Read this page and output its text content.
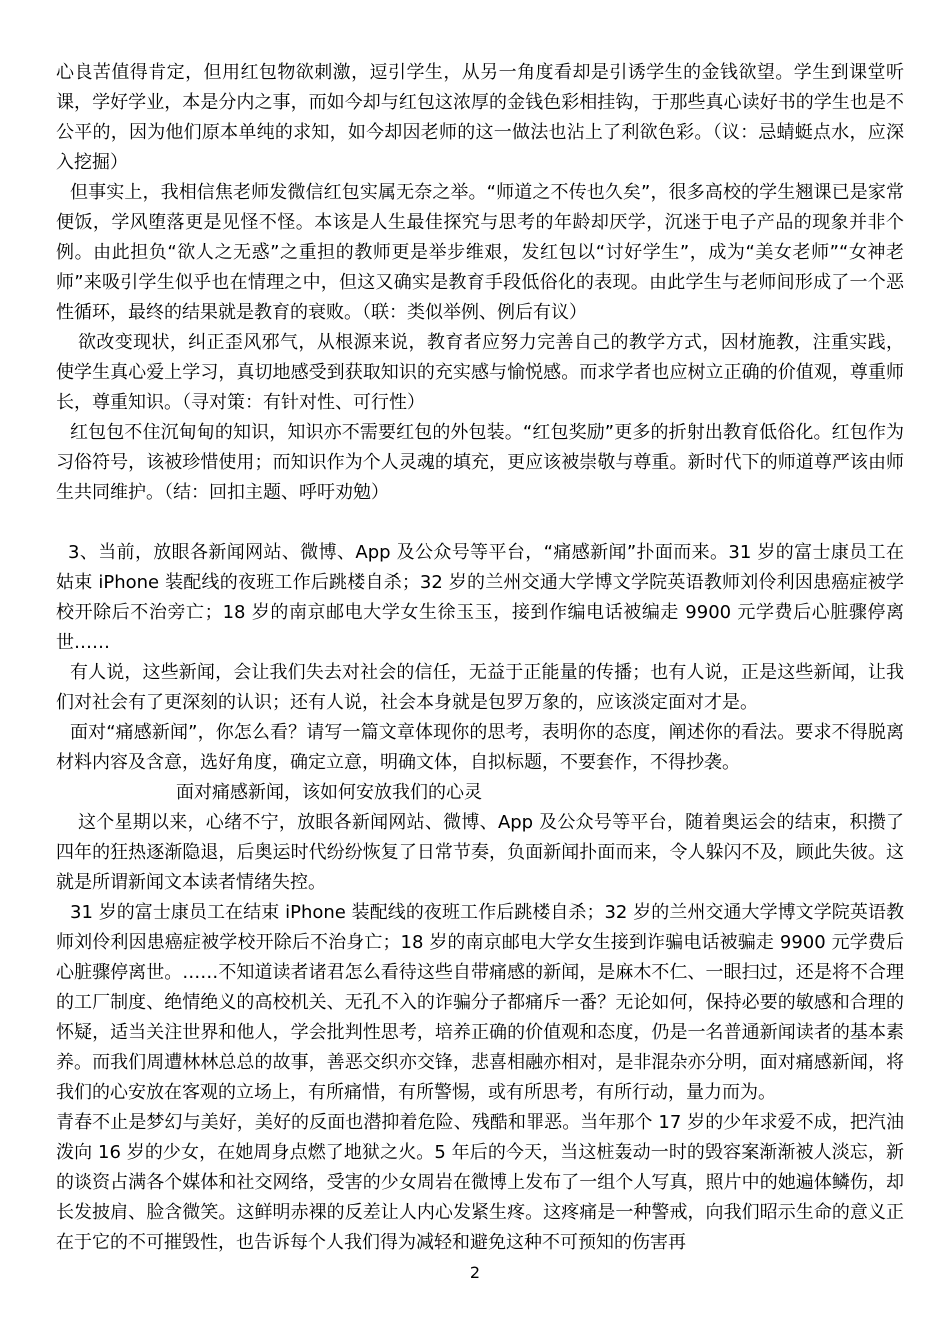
心良苦值得肯定，但用红包物欲刺激，逗引学生，从另一角度看却是引诱学生的金钱欲望。学生到课堂听课，学好学业，本是分内之事，而如今却与红包这浓厚的金钱色彩相挂钩，于那些真心读好书的学生也是不公平的，因为他们原本单纯的求知，如今却因老师的这一做法也沾上了利欲色彩。（议：忌蜻蜓点水，应深入挖掘）

但事实上，我相信焦老师发微信红包实属无奈之举。“师道之不传也久矣”，很多高校的学生翘课已是家常便饭，学风堕落更是见怪不怪。本该是人生最佳探究与思考的年龄却厌学，沉迷于电子产品的现象并非个例。由此担负“欲人之无惑”之重担的教师更是举步维艰，发红包以“讨好学生”，成为“美女老师”“女神老师”来吸引学生似乎也在情理之中，但这又确实是教育手段低俗化的表现。由此学生与老师间形成了一个恶性循环，最终的结果就是教育的衰败。（联：类似举例、例后有议）

欲改变现状，纠正歪风邪气，从根源来说，教育者应努力完善自己的教学方式，因材施教，注重实践，使学生真心爱上学习，真切地感受到获取知识的充实感与愉悦感。而求学者也应树立正确的价值观，尊重师长，尊重知识。（寻对策：有针对性、可行性）

红包包不住沉甸甸的知识，知识亦不需要红包的外包装。“红包奖励”更多的折射出教育低俗化。红包作为习俗符号，该被珍惜使用；而知识作为个人灵魂的填充，更应该被崇敬与尊重。新时代下的师道尊严该由师生共同维护。（结：回扣主题、呼吁劝勉）

3、当前，放眼各新闻网站、微博、App 及公众号等平台，“痛感新闻”扑面而来。31 岁的富士康员工在姑束 iPhone 装配线的夜班工作后跳楼自杀；32 岁的兰州交通大学博文学院英语教师刘伶利因患癌症被学校开除后不治旁亡；18 岁的南京邮电大学女生徐玉玉，接到作编电话被编走 9900 元学费后心脏骤停离世……

有人说，这些新闻，会让我们失去对社会的信任，无益于正能量的传播；也有人说，正是这些新闻，让我们对社会有了更深刻的认识；还有人说，社会本身就是包罗万象的，应该淡定面对才是。

面对“痛感新闻”，你怎么看？请写一篇文章体现你的思考，表明你的态度，阐述你的看法。要求不得脱离材料内容及含意，选好角度，确定立意，明确文体，自拟标题，不要套作，不得抄袭。

面对痛感新闻，该如何安放我们的心灵

这个星期以来，心绪不宁，放眼各新闻网站、微博、App 及公众号等平台，随着奥运会的结束，积攒了四年的狂热逐渐隐退，后奥运时代纷纷恢复了日常节奏，负面新闻扑面而来，令人躲闪不及，顾此失彼。这就是所谓新闻文本读者情绪失控。

31 岁的富士康员工在结束 iPhone 装配线的夜班工作后跳楼自杀；32 岁的兰州交通大学博文学院英语教师刘伶利因患癌症被学校开除后不治身亡；18 岁的南京邮电大学女生接到诈骗电话被骗走 9900 元学费后心脏骤停离世。……不知道读者诸君怎么看待这些自带痛感的新闻，是麻木不仁、一眼扫过，还是将不合理的工厂制度、绝情绝义的高校机关、无孔不入的诈骗分子都痛斥一番？无论如何，保持必要的敏感和合理的怀疑，适当关注世界和他人，学会批判性思考，培养正确的价值观和态度，仍是一名普通新闻读者的基本素养。而我们周遭林林总总的故事，善恶交织亦交锋，悲喜相融亦相对，是非混杂亦分明，面对痛感新闻，将我们的心安放在客观的立场上，有所痛惜，有所警惕，或有所思考，有所行动，量力而为。

青春不止是梦幻与美好，美好的反面也潜抑着危险、残酷和罪恶。当年那个 17 岁的少年求爱不成，把汽油泼向 16 岁的少女，在她周身点燃了地狱之火。5 年后的今天，当这桩轰动一时的毁容案渐渐被人淡忘，新的谈资占满各个媒体和社交网络，受害的少女周岩在微博上发布了一组个人写真，照片中的她遍体鳞伤，却长发披肩、脸含微笑。这鲜明赤裸的反差让人内心发紧生疼。这疼痛是一种警戒，向我们昭示生命的意义正在于它的不可摧毁性，也告诉每个人我们得为减轻和避免这种不可预知的伤害再

2
